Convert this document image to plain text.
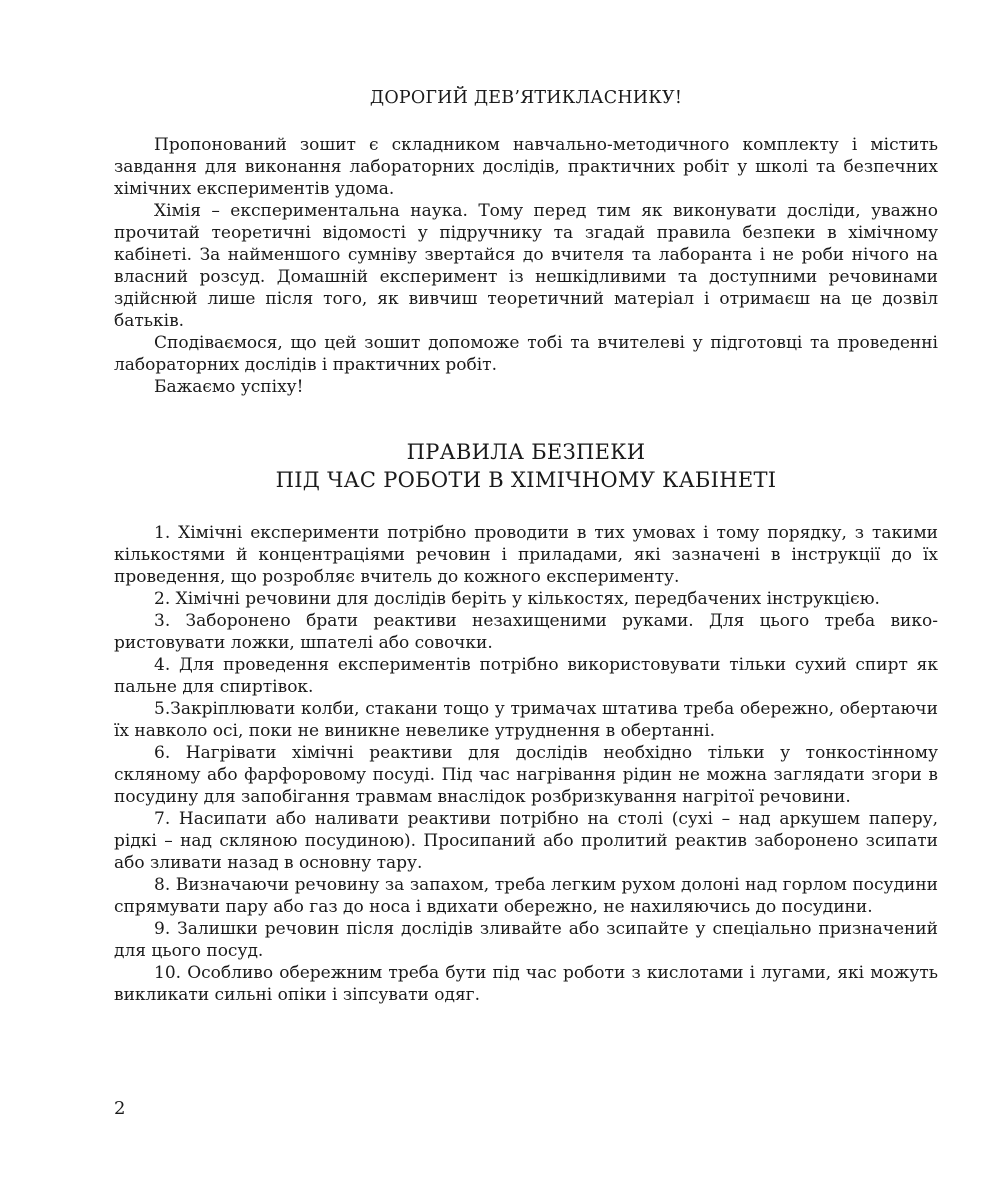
ДОРОГИЙ ДЕВ’ЯТИКЛАСНИКУ!

Пропонований зошит є складником навчально-методичного комплекту і містить завдання для виконання лабораторних дослідів, практичних робіт у школі та безпечних хімічних експериментів удома.

Хімія – експериментальна наука. Тому перед тим як виконувати досліди, уважно прочитай теоретичні відомості у підручнику та згадай правила безпеки в хімічному кабінеті. За найменшого сумніву звертайся до вчителя та лаборанта і не роби нічого на власний розсуд. Домашній експеримент із нешкідливими та доступними речовинами здійснюй лише після того, як вивчиш теоретичний матеріал і отримаєш на це дозвіл батьків.

Сподіваємося, що цей зошит допоможе тобі та вчителеві у підготовці та проведенні лабораторних дослідів і практичних робіт.

Бажаємо успіху!

ПРАВИЛА БЕЗПЕКИ
ПІД ЧАС РОБОТИ В ХІМІЧНОМУ КАБІНЕТІ
1. Хімічні експерименти потрібно проводити в тих умовах і тому порядку, з такими кількостями й концентраціями речовин і приладами, які зазначені в інструкції до їх проведення, що розробляє вчитель до кожного експерименту.
2. Хімічні речовини для дослідів беріть у кількостях, передбачених інструкцією.
3. Заборонено брати реактиви незахищеними руками. Для цього треба використовувати ложки, шпателі або совочки.
4. Для проведення експериментів потрібно використовувати тільки сухий спирт як пальне для спиртівок.
5.Закріплювати колби, стакани тощо у тримачах штатива треба обережно, обертаючи їх навколо осі, поки не виникне невелике утруднення в обертанні.
6. Нагрівати хімічні реактиви для дослідів необхідно тільки у тонкостінному скляному або фарфоровому посуді. Під час нагрівання рідин не можна заглядати згори в посудину для запобігання травмам внаслідок розбризкування нагрітої речовини.
7. Насипати або наливати реактиви потрібно на столі (сухі – над аркушем паперу, рідкі – над скляною посудиною). Просипаний або пролитий реактив заборонено зсипати або зливати назад в основну тару.
8. Визначаючи речовину за запахом, треба легким рухом долоні над горлом посудини спрямувати пару або газ до носа і вдихати обережно, не нахиляючись до посудини.
9. Залишки речовин після дослідів зливайте або зсипайте у спеціально призначений для цього посуд.
10. Особливо обережним треба бути під час роботи з кислотами і лугами, які можуть викликати сильні опіки і зіпсувати одяг.
2
